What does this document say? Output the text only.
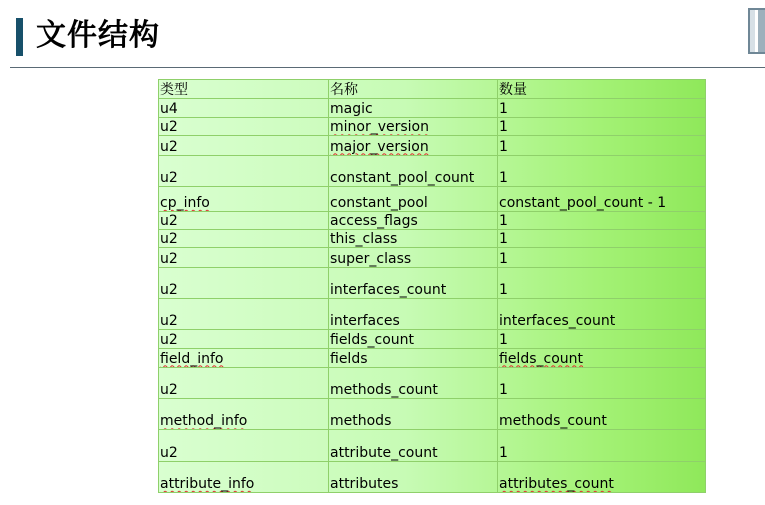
文件结构
类型	名称	数量
u4	magic	1
u2	minor_version	1
u2	major_version	1
u2	constant_pool_count	1
cp_info	constant_pool	constant_pool_count - 1
u2	access_flags	1
u2	this_class	1
u2	super_class	1
u2	interfaces_count	1
u2	interfaces	interfaces_count
u2	fields_count	1
field_info	fields	fields_count
u2	methods_count	1
method_info	methods	methods_count
u2	attribute_count	1
attribute_info	attributes	attributes_count
